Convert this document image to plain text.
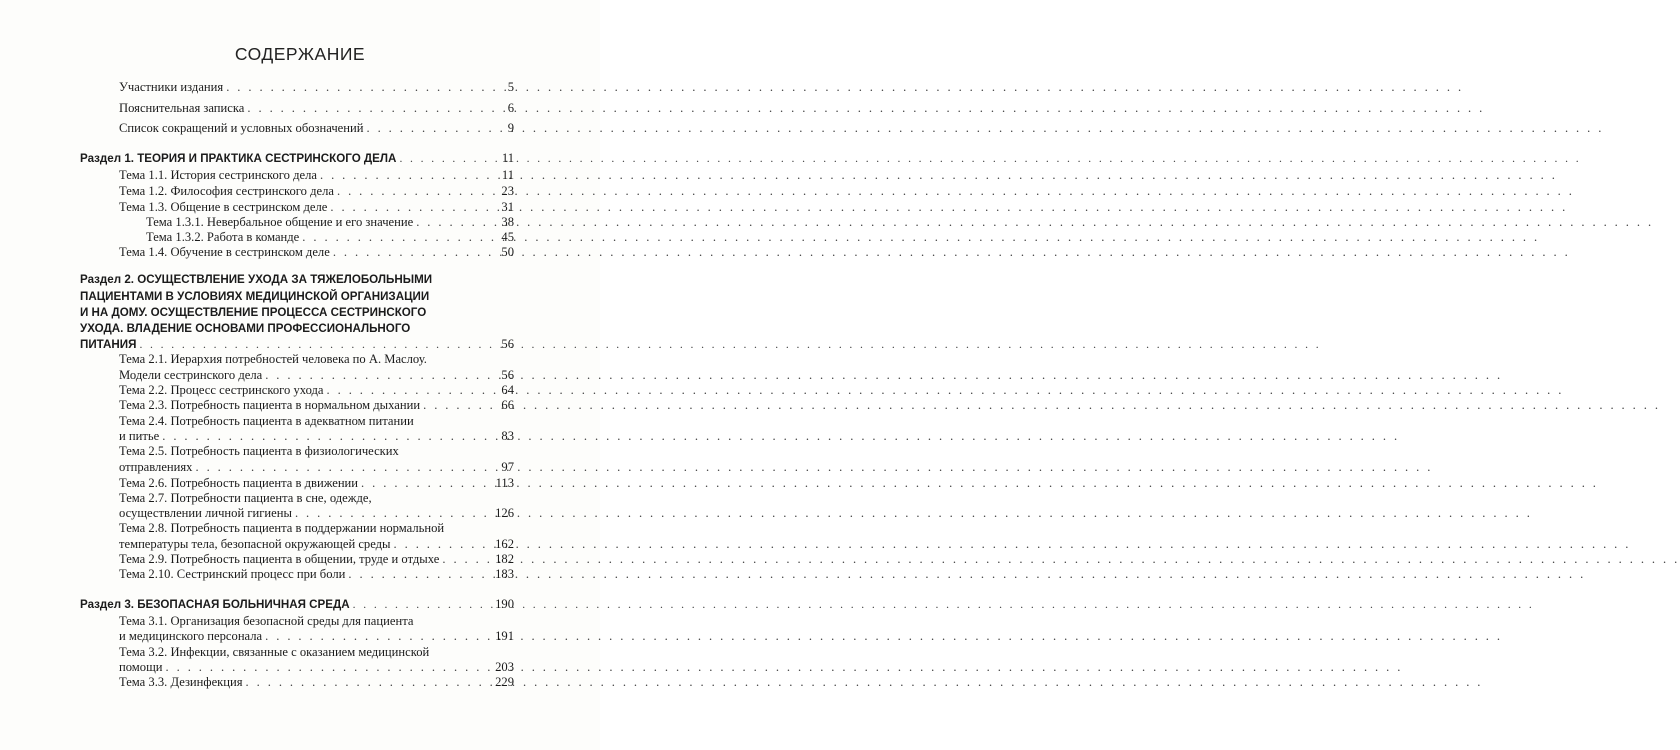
СОДЕРЖАНИЕ
Участники издания . . .	5
Пояснительная записка . . .	6
Список сокращений и условных обозначений . . .	9
Раздел 1. ТЕОРИЯ И ПРАКТИКА СЕСТРИНСКОГО ДЕЛА . . .	11
Тема 1.1. История сестринского дела . . .	11
Тема 1.2. Философия сестринского дела . . .	23
Тема 1.3. Общение в сестринском деле . . .	31
Тема 1.3.1. Невербальное общение и его значение . . .	38
Тема 1.3.2. Работа в команде . . .	45
Тема 1.4. Обучение в сестринском деле . . .	50
Раздел 2. ОСУЩЕСТВЛЕНИЕ УХОДА ЗА ТЯЖЕЛОБОЛЬНЫМИ
ПАЦИЕНТАМИ В УСЛОВИЯХ МЕДИЦИНСКОЙ ОРГАНИЗАЦИИ
И НА ДОМУ. ОСУЩЕСТВЛЕНИЕ ПРОЦЕССА СЕСТРИНСКОГО
УХОДА. ВЛАДЕНИЕ ОСНОВАМИ ПРОФЕССИОНАЛЬНОГО
ПИТАНИЯ . . .	56
Тема 2.1. Иерархия потребностей человека по А. Маслоу.
Модели сестринского дела . . .	56
Тема 2.2. Процесс сестринского ухода . . .	64
Тема 2.3. Потребность пациента в нормальном дыхании . . .	66
Тема 2.4. Потребность пациента в адекватном питании
и питье . . .	83
Тема 2.5. Потребность пациента в физиологических
отправлениях . . .	97
Тема 2.6. Потребность пациента в движении . . .	113
Тема 2.7. Потребности пациента в сне, одежде,
осуществлении личной гигиены . . .	126
Тема 2.8. Потребность пациента в поддержании нормальной
температуры тела, безопасной окружающей среды . . .	162
Тема 2.9. Потребность пациента в общении, труде и отдыхе . . .	182
Тема 2.10. Сестринский процесс при боли . . .	183
Раздел 3. БЕЗОПАСНАЯ БОЛЬНИЧНАЯ СРЕДА . . .	190
Тема 3.1. Организация безопасной среды для пациента
и медицинского персонала . . .	191
Тема 3.2. Инфекции, связанные с оказанием медицинской
помощи . . .	203
Тема 3.3. Дезинфекция . . .	229
